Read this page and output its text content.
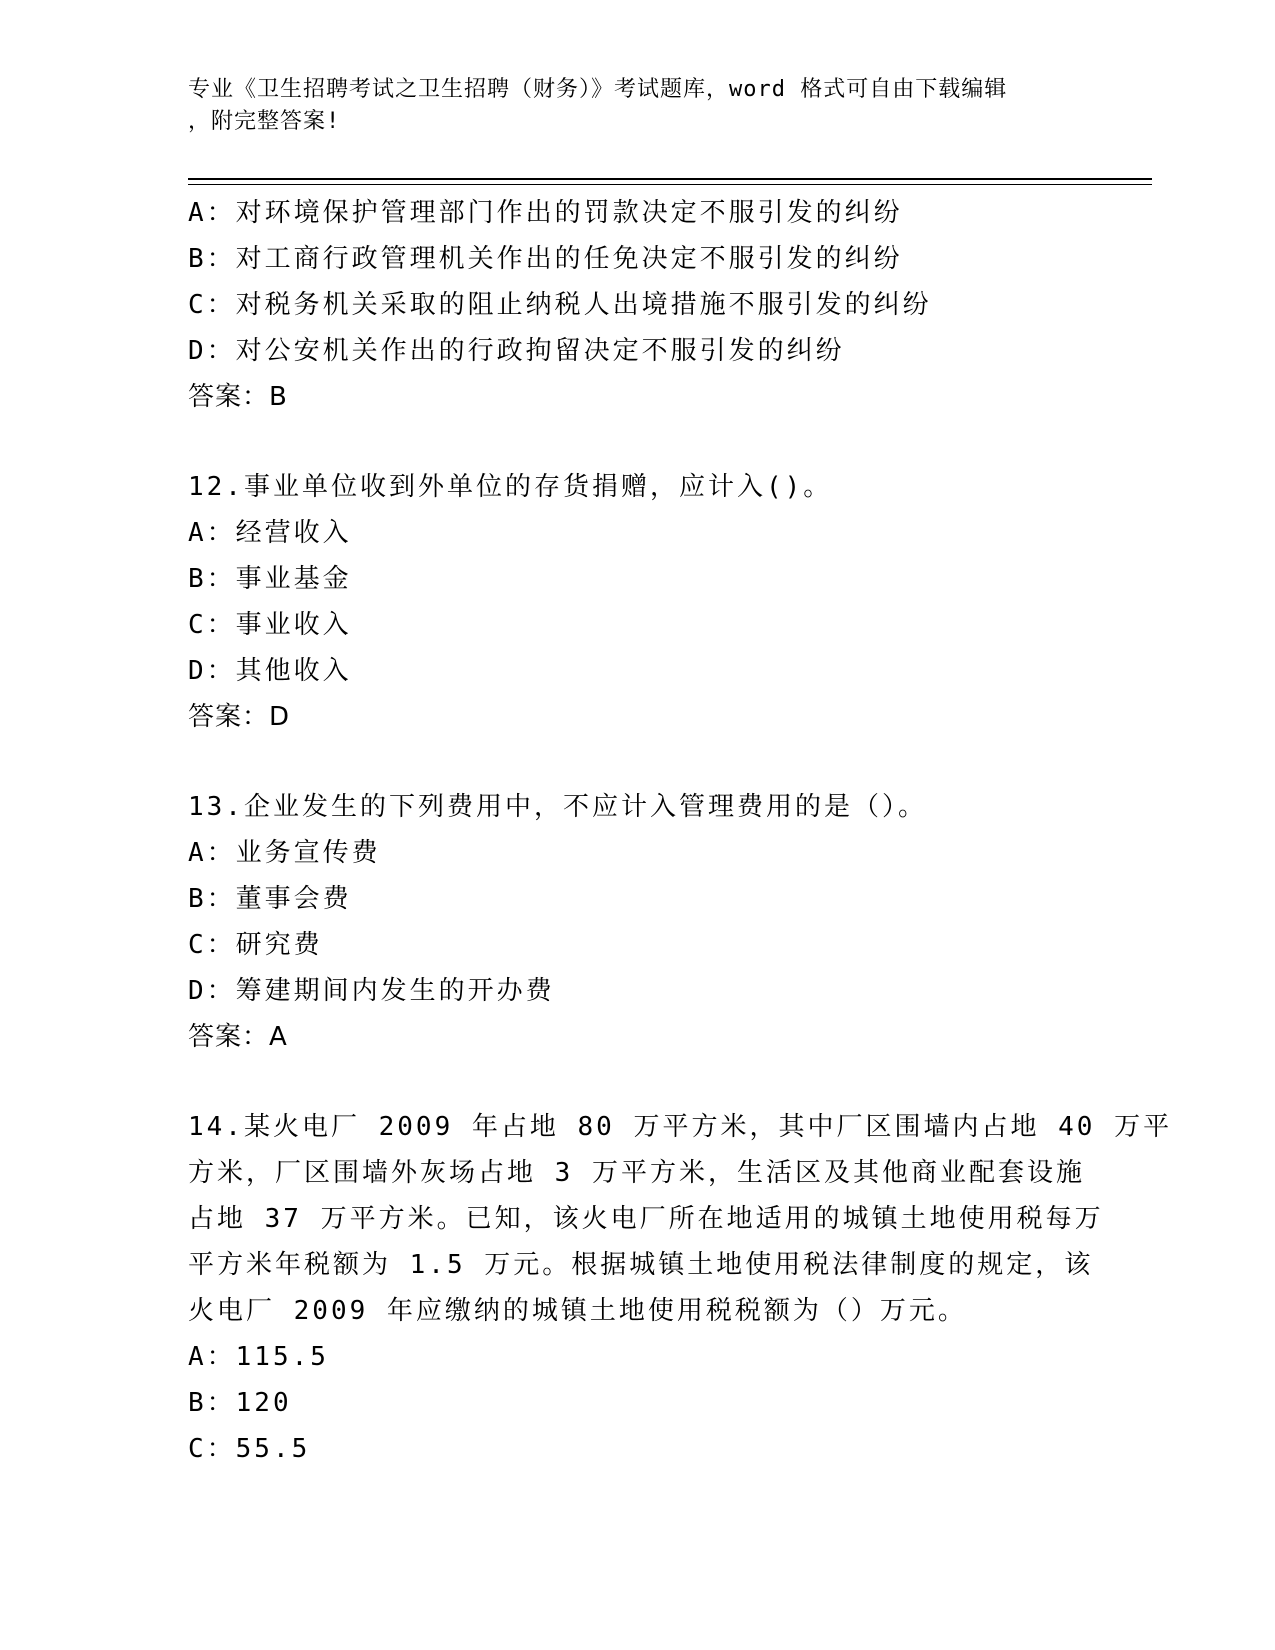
专业《卫生招聘考试之卫生招聘（财务）》考试题库，word 格式可自由下载编辑
，附完整答案!
A：对环境保护管理部门作出的罚款决定不服引发的纠纷
B：对工商行政管理机关作出的任免决定不服引发的纠纷
C：对税务机关采取的阻止纳税人出境措施不服引发的纠纷
D：对公安机关作出的行政拘留决定不服引发的纠纷
答案：B
12.事业单位收到外单位的存货捐赠，应计入()。
A：经营收入
B：事业基金
C：事业收入
D：其他收入
答案：D
13.企业发生的下列费用中，不应计入管理费用的是（）。
A：业务宣传费
B：董事会费
C：研究费
D：筹建期间内发生的开办费
答案：A
14.某火电厂 2009 年占地 80 万平方米，其中厂区围墙内占地 40 万平
方米，厂区围墙外灰场占地 3 万平方米，生活区及其他商业配套设施
占地 37 万平方米。已知，该火电厂所在地适用的城镇土地使用税每万
平方米年税额为 1.5 万元。根据城镇土地使用税法律制度的规定，该
火电厂 2009 年应缴纳的城镇土地使用税税额为（）万元。
A：115.5
B：120
C：55.5
